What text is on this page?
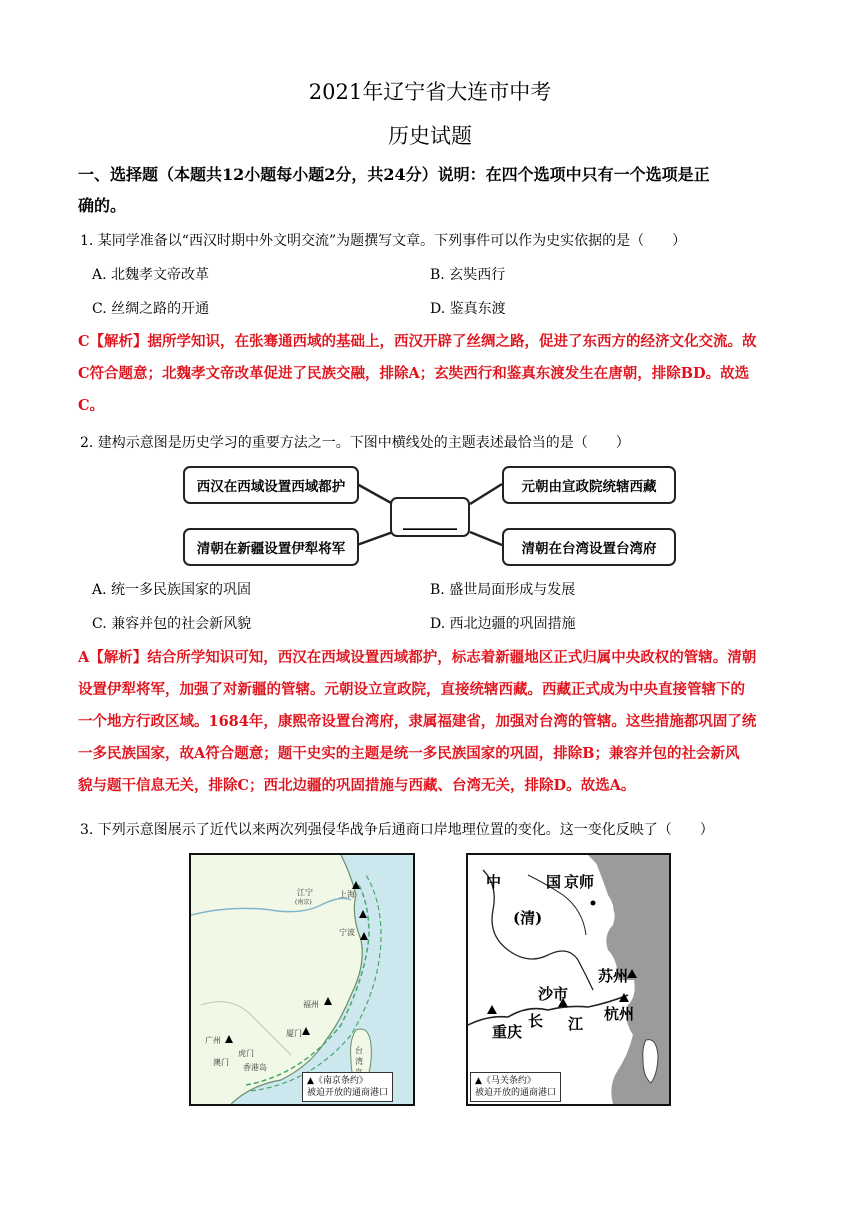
2021年辽宁省大连市中考
历史试题
一、选择题（本题共12小题每小题2分，共24分）说明：在四个选项中只有一个选项是正
确的。
1. 某同学准备以“西汉时期中外文明交流”为题撰写文章。下列事件可以作为史实依据的是（　　）
A. 北魏孝文帝改革	B. 玄奘西行
C. 丝绸之路的开通	D. 鉴真东渡
C【解析】据所学知识，在张骞通西域的基础上，西汉开辟了丝绸之路，促进了东西方的经济文化交流。故
C符合题意；北魏孝文帝改革促进了民族交融，排除A；玄奘西行和鉴真东渡发生在唐朝，排除BD。故选
C。
2. 建构示意图是历史学习的重要方法之一。下图中横线处的主题表述最恰当的是（　　）
西汉在西域设置西域都护	元朝由宣政院统辖西藏
清朝在新疆设置伊犁将军	清朝在台湾设置台湾府
______
A. 统一多民族国家的巩固	B. 盛世局面形成与发展
C. 兼容并包的社会新风貌	D. 西北边疆的巩固措施
A【解析】结合所学知识可知，西汉在西域设置西域都护，标志着新疆地区正式归属中央政权的管辖。清朝
设置伊犁将军，加强了对新疆的管辖。元朝设立宣政院，直接统辖西藏。西藏正式成为中央直接管辖下的
一个地方行政区域。1684年，康熙帝设置台湾府，隶属福建省，加强对台湾的管辖。这些措施都巩固了统
一多民族国家，故A符合题意；题干史实的主题是统一多民族国家的巩固，排除B；兼容并包的社会新风
貌与题干信息无关，排除C；西北边疆的巩固措施与西藏、台湾无关，排除D。故选A。
3. 下列示意图展示了近代以来两次列强侵华战争后通商口岸地理位置的变化。这一变化反映了（　　）
江宁
(南京)
上海
宁波
福州
厦门
广州
虎门
澳门
香港岛
台
湾
▲《南京条约》
被迫开放的通商港口
中	国 京师
(清)
苏州
沙市
重庆
长 江
杭州
▲《马关条约》
被迫开放的通商港口
